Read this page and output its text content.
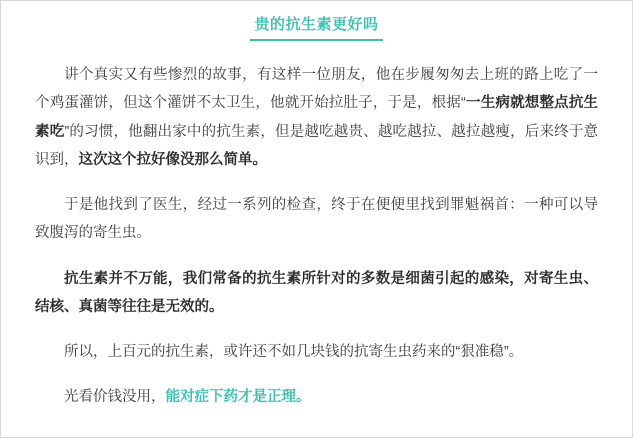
贵的抗生素更好吗

讲个真实又有些惨烈的故事，有这样一位朋友，他在步履匆匆去上班的路上吃了一个鸡蛋灌饼，但这个灌饼不太卫生，他就开始拉肚子，于是，根据“一生病就想整点抗生素吃”的习惯，他翻出家中的抗生素，但是越吃越贵、越吃越拉、越拉越瘦，后来终于意识到，这次这个拉好像没那么简单。

于是他找到了医生，经过一系列的检查，终于在便便里找到罪魁祸首：一种可以导致腹泻的寄生虫。

抗生素并不万能，我们常备的抗生素所针对的多数是细菌引起的感染，对寄生虫、结核、真菌等往往是无效的。

所以，上百元的抗生素，或许还不如几块钱的抗寄生虫药来的“狠准稳”。

光看价钱没用，能对症下药才是正理。
